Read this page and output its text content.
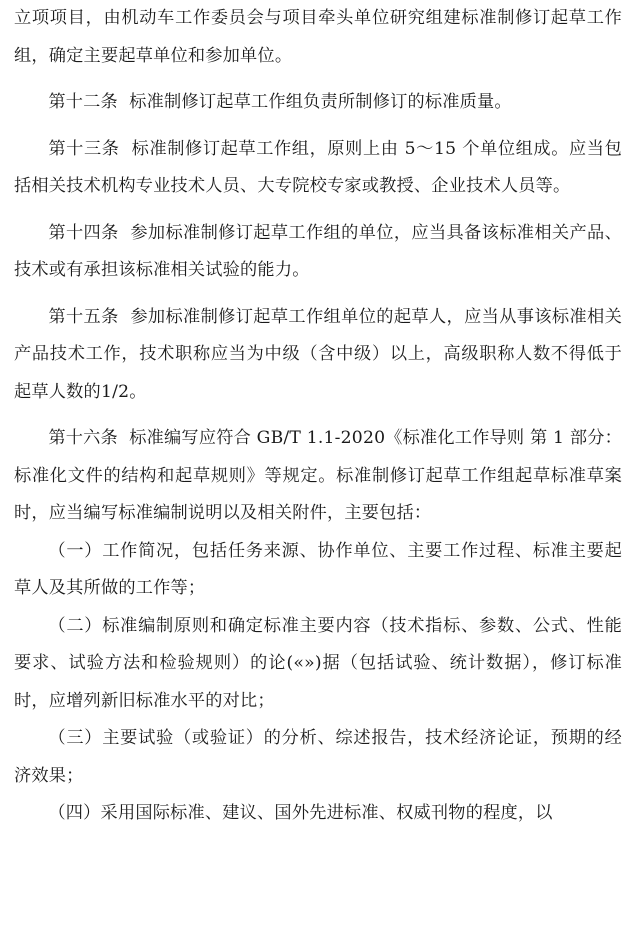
立项项目，由机动车工作委员会与项目牵头单位研究组建标准制修订起草工作组，确定主要起草单位和参加单位。

第十二条  标准制修订起草工作组负责所制修订的标准质量。

第十三条  标准制修订起草工作组，原则上由 5～15 个单位组成。应当包括相关技术机构专业技术人员、大专院校专家或教授、企业技术人员等。

第十四条  参加标准制修订起草工作组的单位，应当具备该标准相关产品、技术或有承担该标准相关试验的能力。

第十五条  参加标准制修订起草工作组单位的起草人，应当从事该标准相关产品技术工作，技术职称应当为中级（含中级）以上，高级职称人数不得低于起草人数的1/2。

第十六条  标准编写应符合 GB/T 1.1-2020《标准化工作导则 第 1 部分：标准化文件的结构和起草规则》等规定。标准制修订起草工作组起草标准草案时，应当编写标准编制说明以及相关附件，主要包括：

（一）工作简况，包括任务来源、协作单位、主要工作过程、标准主要起草人及其所做的工作等；

（二）标准编制原则和确定标准主要内容（技术指标、参数、公式、性能要求、试验方法和检验规则）的论(«»)据（包括试验、统计数据），修订标准时，应增列新旧标准水平的对比；

（三）主要试验（或验证）的分析、综述报告，技术经济论证，预期的经济效果；

（四）采用国际标准、建议、国外先进标准、权威刊物的程度，以
